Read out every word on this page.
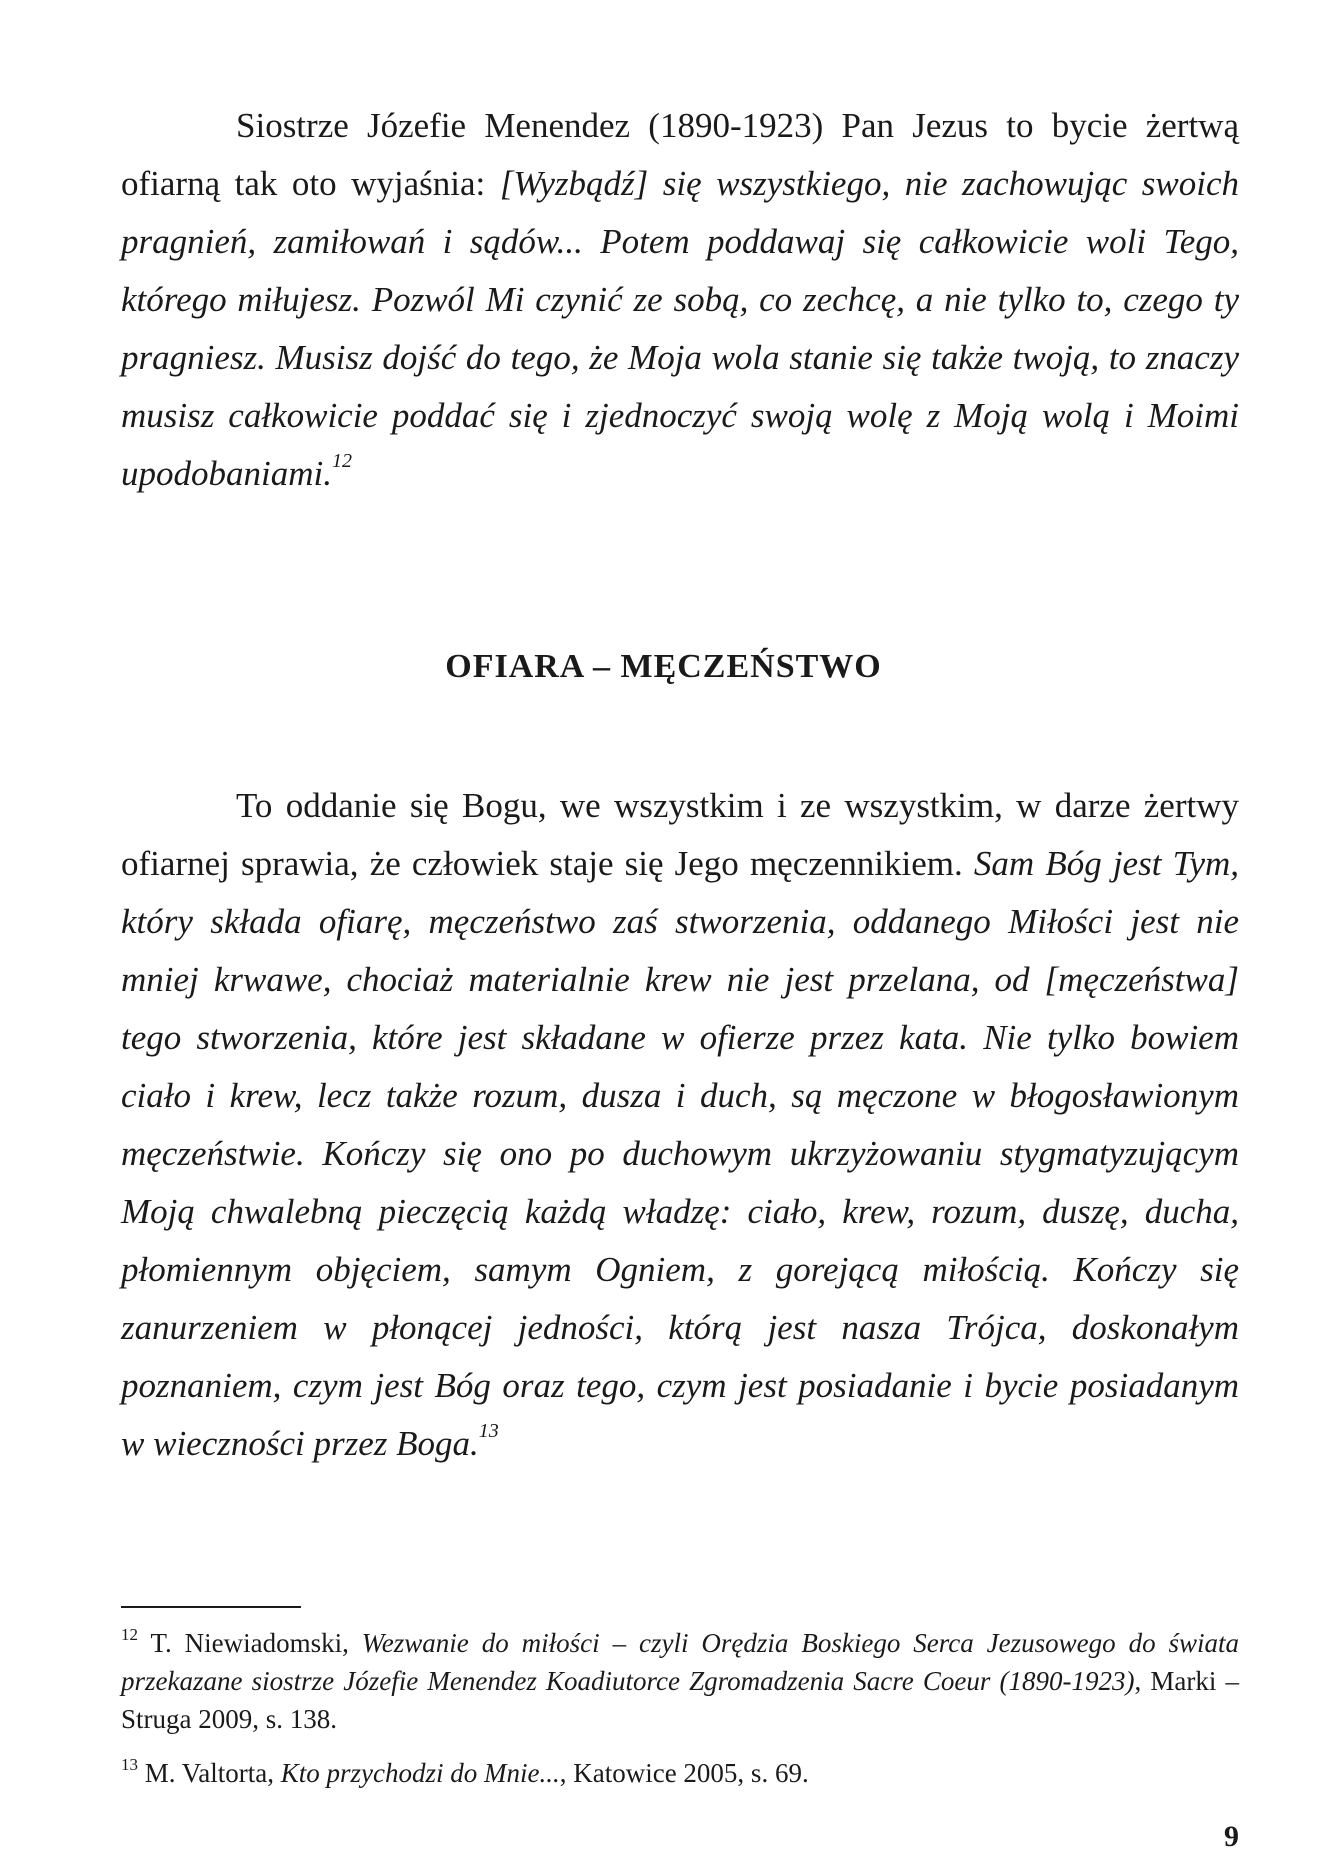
Siostrze Józefie Menendez (1890-1923) Pan Jezus to bycie żertwą ofiarną tak oto wyjaśnia: [Wyzbądź] się wszystkiego, nie zachowując swoich pragnień, zamiłowań i sądów... Potem poddawaj się całkowicie woli Tego, którego miłujesz. Pozwól Mi czynić ze sobą, co zechcę, a nie tylko to, czego ty pragniesz. Musisz dojść do tego, że Moja wola stanie się także twoją, to znaczy musisz całkowicie poddać się i zjednoczyć swoją wolę z Moją wolą i Moimi upodobaniami.$^{12}$

OFIARA – MĘCZEŃSTWO

To oddanie się Bogu, we wszystkim i ze wszystkim, w darze żertwy ofiarnej sprawia, że człowiek staje się Jego męczennikiem. Sam Bóg jest Tym, który składa ofiarę, męczeństwo zaś stworzenia, oddanego Miłości jest nie mniej krwawe, chociaż materialnie krew nie jest przelana, od [męczeństwa] tego stworzenia, które jest składane w ofierze przez kata. Nie tylko bowiem ciało i krew, lecz także rozum, dusza i duch, są męczone w błogosławionym męczeństwie. Kończy się ono po duchowym ukrzyżowaniu stygmatyzującym Moją chwalebną pieczęcią każdą władzę: ciało, krew, rozum, duszę, ducha, płomiennym objęciem, samym Ogniem, z gorejącą miłością. Kończy się zanurzeniem w płonącej jedności, którą jest nasza Trójca, doskonałym poznaniem, czym jest Bóg oraz tego, czym jest posiadanie i bycie posiadanym w wieczności przez Boga.$^{13}$

$^{12}$ T. Niewiadomski, Wezwanie do miłości – czyli Orędzia Boskiego Serca Jezusowego do świata przekazane siostrze Józefie Menendez Koadiutorce Zgromadzenia Sacre Coeur (1890-1923), Marki – Struga 2009, s. 138.

$^{13}$ M. Valtorta, Kto przychodzi do Mnie..., Katowice 2005, s. 69.

9
